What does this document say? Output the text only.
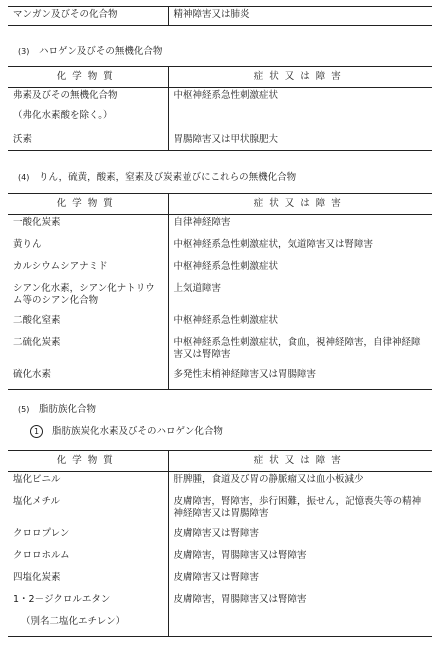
マンガン及びその化合物	精神障害又は肺炎
(3) ハロゲン及びその無機化合物
化学物質	症状又は障害

弗素及びその無機化合物
（弗化水素酸を除く。）	中枢神経系急性刺激症状
沃素	胃腸障害又は甲状腺肥大
(4) りん，硫黄，酸素，窒素及び炭素並びにこれらの無機化合物
化学物質	症状又は障害
一酸化炭素	自律神経障害
黄りん	中枢神経系急性刺激症状，気道障害又は腎障害
カルシウムシアナミド	中枢神経系急性刺激症状
シアン化水素，シアン化ナトリウム等のシアン化合物	上気道障害
二酸化窒素	中枢神経系急性刺激症状
二硫化炭素	中枢神経系急性刺激症状，食血，視神経障害，自律神経障害又は腎障害
硫化水素	多発性末梢神経障害又は胃腸障害
(5) 脂肪族化合物
1 脂肪族炭化水素及びそのハロゲン化合物
化学物質	症状又は障害
塩化ビニル	肝脾腫，食道及び胃の静脈瘤又は血小板減少
塩化メチル	皮膚障害，腎障害，歩行困難，振せん，記憶喪失等の精神神経障害又は胃腸障害
クロロプレン	皮膚障害又は腎障害
クロロホルム	皮膚障害，胃腸障害又は腎障害
四塩化炭素	皮膚障害又は腎障害
1・2－ジクロルエタン	皮膚障害，胃腸障害又は腎障害

（別名二塩化エチレン）	
